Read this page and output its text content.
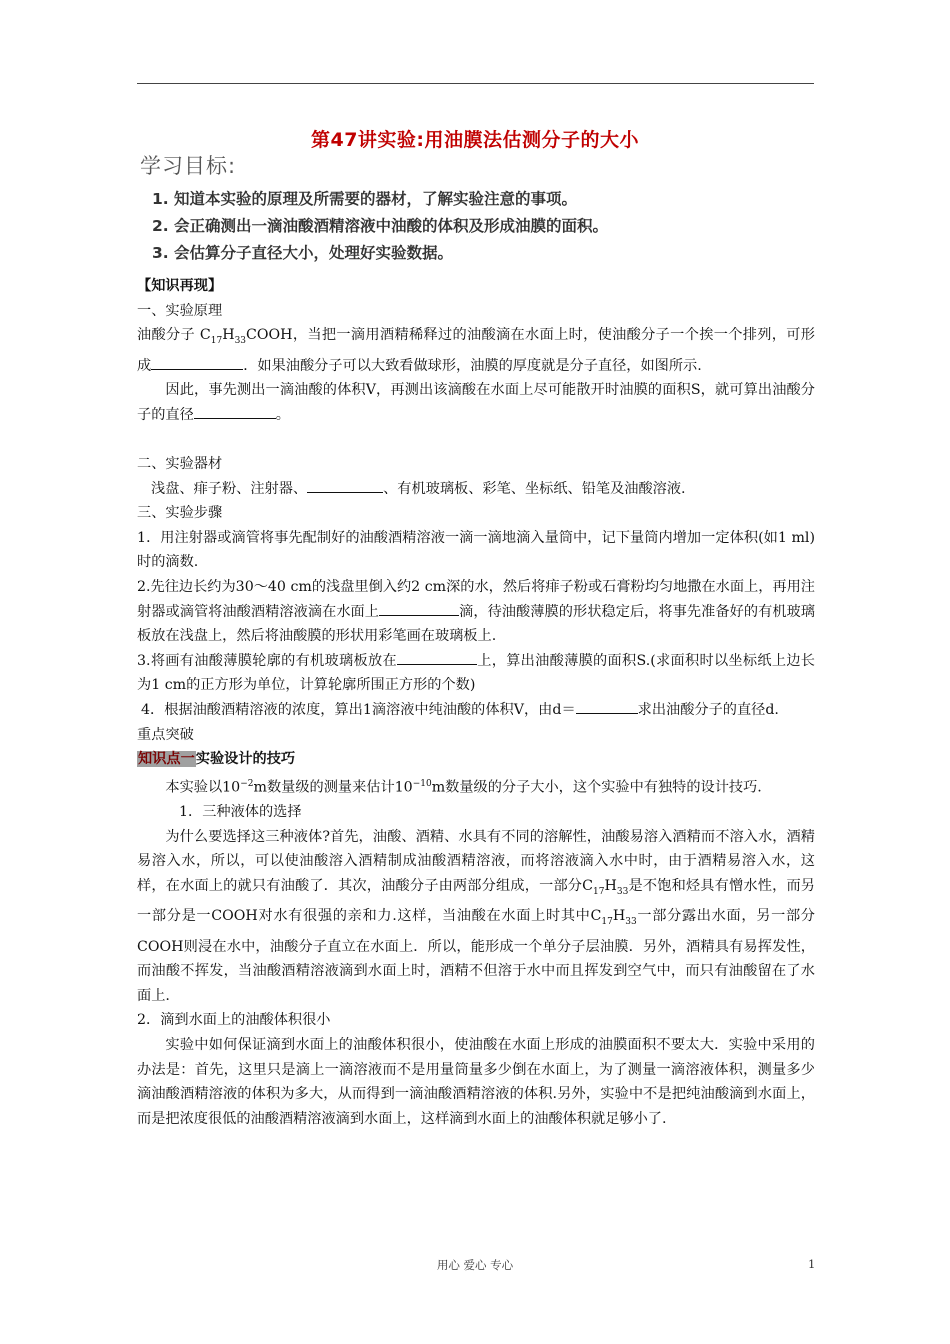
第47讲实验:用油膜法估测分子的大小
学习目标:
1. 知道本实验的原理及所需要的器材，了解实验注意的事项。
2. 会正确测出一滴油酸酒精溶液中油酸的体积及形成油膜的面积。
3. 会估算分子直径大小，处理好实验数据。

【知识再现】

一、实验原理

油酸分子 $C_{17}H_{33}COOH$，当把一滴用酒精稀释过的油酸滴在水面上时，使油酸分子一个挨一个排列，可形成	．如果油酸分子可以大致看做球形，油膜的厚度就是分子直径，如图所示.

因此，事先测出一滴油酸的体积V，再测出该滴酸在水面上尽可能散开时油膜的面积S，就可算出油酸分子的直径	。

二、实验器材

浅盘、痱子粉、注射器、	、有机玻璃板、彩笔、坐标纸、铅笔及油酸溶液.

三、实验步骤

1．用注射器或滴管将事先配制好的油酸酒精溶液一滴一滴地滴入量筒中，记下量筒内增加一定体积(如1 ml)时的滴数.

2.先往边长约为30～40 cm的浅盘里倒入约2 cm深的水，然后将痱子粉或石膏粉均匀地撒在水面上，再用注射器或滴管将油酸酒精溶液滴在水面上	滴，待油酸薄膜的形状稳定后，将事先准备好的有机玻璃板放在浅盘上，然后将油酸膜的形状用彩笔画在玻璃板上.

3.将画有油酸薄膜轮廓的有机玻璃板放在	上，算出油酸薄膜的面积S.(求面积时以坐标纸上边长为1 cm的正方形为单位，计算轮廓所围正方形的个数)

4．根据油酸酒精溶液的浓度，算出1滴溶液中纯油酸的体积V，由d＝	求出油酸分子的直径d.

重点突破

知识点一实验设计的技巧

本实验以$10^{-2}m$数量级的测量来估计$10^{-10}m$数量级的分子大小，这个实验中有独特的设计技巧.

1．三种液体的选择

为什么要选择这三种液体?首先，油酸、酒精、水具有不同的溶解性，油酸易溶入酒精而不溶入水，酒精易溶入水，所以，可以使油酸溶入酒精制成油酸酒精溶液，而将溶液滴入水中时，由于酒精易溶入水，这样，在水面上的就只有油酸了．其次，油酸分子由两部分组成，一部分$C_{17}H_{33}$是不饱和烃具有憎水性，而另一部分是一COOH对水有很强的亲和力.这样，当油酸在水面上时其中$C_{17}H_{33}$一部分露出水面，另一部分COOH则浸在水中，油酸分子直立在水面上．所以，能形成一个单分子层油膜．另外，酒精具有易挥发性，而油酸不挥发，当油酸酒精溶液滴到水面上时，酒精不但溶于水中而且挥发到空气中，而只有油酸留在了水面上.

2．滴到水面上的油酸体积很小

实验中如何保证滴到水面上的油酸体积很小，使油酸在水面上形成的油膜面积不要太大．实验中采用的办法是：首先，这里只是滴上一滴溶液而不是用量筒量多少倒在水面上，为了测量一滴溶液体积，测量多少滴油酸酒精溶液的体积为多大，从而得到一滴油酸酒精溶液的体积.另外，实验中不是把纯油酸滴到水面上，而是把浓度很低的油酸酒精溶液滴到水面上，这样滴到水面上的油酸体积就足够小了.

用心 爱心 专心	1
